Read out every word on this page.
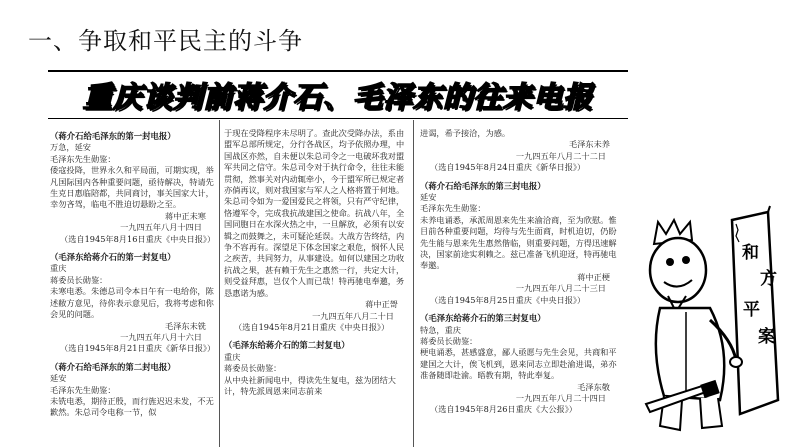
一、争取和平民主的斗争
重庆谈判前蒋介石、毛泽东的往来电报

（蒋介石给毛泽东的第一封电报）

万急，延安

毛泽东先生勋鉴：

倭寇投降，世界永久和平局面，可期实现，举凡国际国内各种重要问题，亟待解决，特请先生克日惠临陪都，共同商讨，事关国家大计，幸勿吝驾，临电不胜迫切悬盼之至。

蒋中正未寒

一九四五年八月十四日

（选自1945年8月16日重庆《中央日报》）

（毛泽东给蒋介石的第一封复电）

重庆

蒋委员长勋鉴：

未寒电悉。朱德总司令本日午有一电给你，陈述敝方意见，待你表示意见后，我将考虑和你会见的问题。

毛泽东未铣

一九四五年八月十六日

（选自1945年8月21日重庆《新华日报》）

（蒋介石给毛泽东的第二封电报）

延安

毛泽东先生勋鉴：

未铣电悉，期待正殷，而行旌迟迟未发，不无歉然。朱总司令电称一节，似

于现在受降程序未尽明了。查此次受降办法，系由盟军总部所规定，分行各战区，均予依照办理，中国战区亦然，自未便以朱总司令之一电破坏我对盟军共同之信守。朱总司令对于执行命令，往往未能贯彻，然事关对内动辄牵小，今于盟军所已规定者亦倘再议，则对我国家与军人之人格将置于何地。朱总司令如为一爱国爱民之将领，只有严守纪律，恪遵军令，完成我抗战建国之使命。抗战八年，全国同胞日在水深火热之中，一旦解放，必须有以安辑之而鼓舞之，未可疑沦延误。大战方告终结，内争不容再有。深望足下体念国家之艰危，悯怀人民之疾苦，共同努力，从事建设。如何以建国之功收抗战之果，甚有赖于先生之惠然一行，共定大计，则受益拜惠，岂仅个人而已哉！特再驰电奉邀，务恳惠诺为感。

蒋中正哿

一九四五年八月二十日

（选自1945年8月21日重庆《中央日报》）

（毛泽东给蒋介石的第二封复电）

重庆

蒋委员长勋鉴：

从中央社新闻电中，得读先生复电，兹为团结大计，特先派周恩来同志前来

进谒，希予接洽，为感。

毛泽东未养

一九四五年八月二十二日

（选自1945年8月24日重庆《新华日报》）

（蒋介石给毛泽东的第三封电报）

延安

毛泽东先生勋鉴：

未养电诵悉，承派周恩来先生来渝洽商，至为欣慰。惟目前各种重要问题，均待与先生面商，时机迫切，仍盼先生能与恩来先生惠然偕临，则重要问题，方得迅速解决，国家前途实利赖之。兹已准备飞机迎迓，特再驰电奉邀。

蒋中正梗

一九四五年八月二十三日

（选自1945年8月25日重庆《中央日报》）

（毛泽东给蒋介石的第三封复电）

特急，重庆

蒋委员长勋鉴：

梗电诵悉，甚感盛意，鄙人亟愿与先生会见，共商和平建国之大计，俟飞机到，恩来同志立即赴渝进谒，弟亦准备随即赴渝。晤教有期，特此奉复。

毛泽东敬

一九四五年八月二十四日

（选自1945年8月26日重庆《大公报》）

和
方
平
案
